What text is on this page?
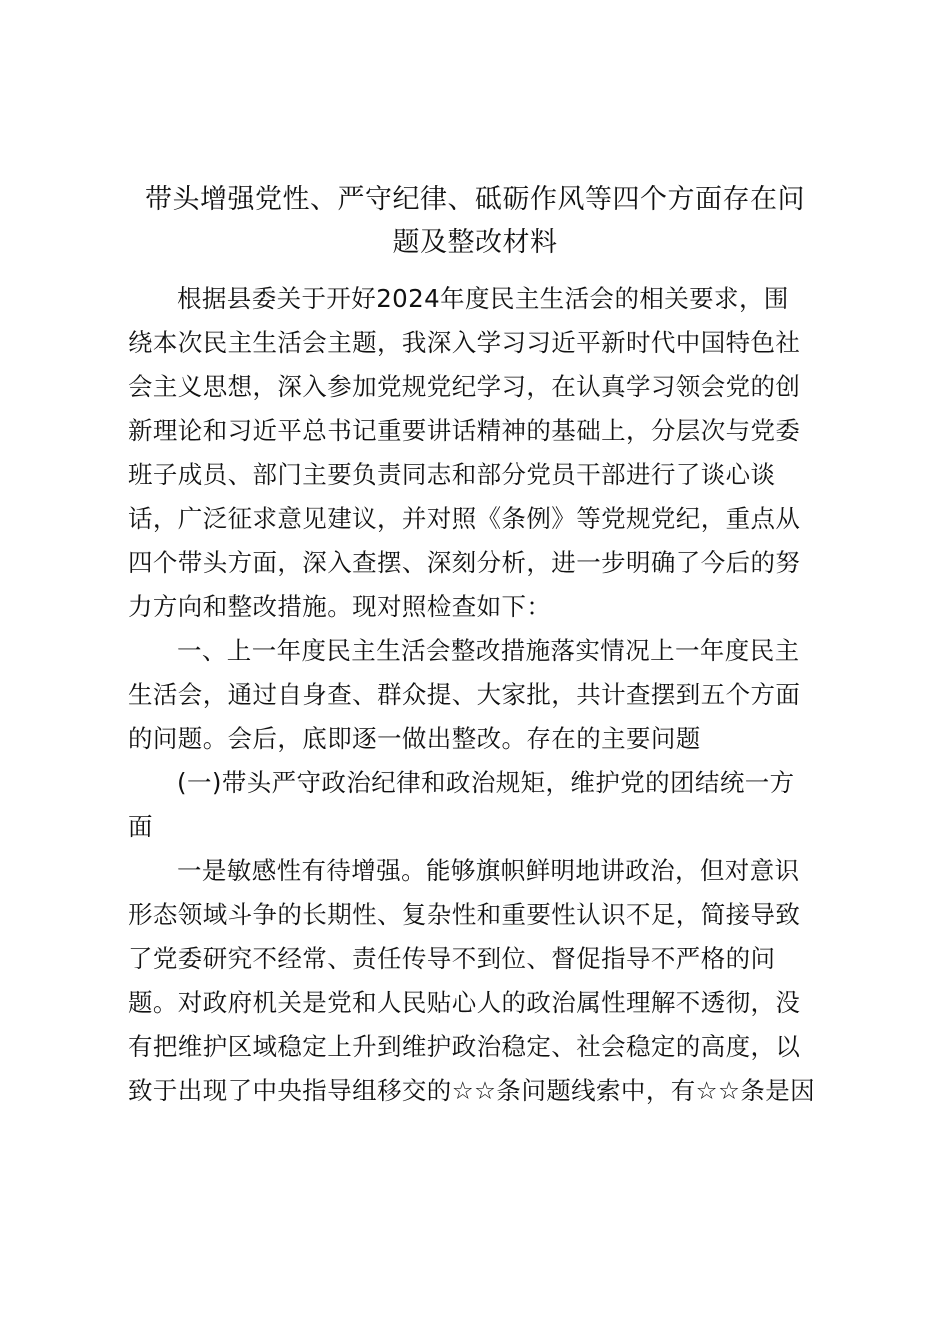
带头增强党性、严守纪律、砥砺作风等四个方面存在问
题及整改材料
根据县委关于开好2024年度民主生活会的相关要求，围
绕本次民主生活会主题，我深入学习习近平新时代中国特色社
会主义思想，深入参加党规党纪学习，在认真学习领会党的创
新理论和习近平总书记重要讲话精神的基础上，分层次与党委
班子成员、部门主要负责同志和部分党员干部进行了谈心谈
话，广泛征求意见建议，并对照《条例》等党规党纪，重点从
四个带头方面，深入查摆、深刻分析，进一步明确了今后的努
力方向和整改措施。现对照检查如下：
一、上一年度民主生活会整改措施落实情况上一年度民主
生活会，通过自身查、群众提、大家批，共计查摆到五个方面
的问题。会后，底即逐一做出整改。存在的主要问题
(一)带头严守政治纪律和政治规矩，维护党的团结统一方
面
一是敏感性有待增强。能够旗帜鲜明地讲政治，但对意识
形态领域斗争的长期性、复杂性和重要性认识不足，简接导致
了党委研究不经常、责任传导不到位、督促指导不严格的问
题。对政府机关是党和人民贴心人的政治属性理解不透彻，没
有把维护区域稳定上升到维护政治稳定、社会稳定的高度，以
致于出现了中央指导组移交的☆☆条问题线索中，有☆☆条是因
